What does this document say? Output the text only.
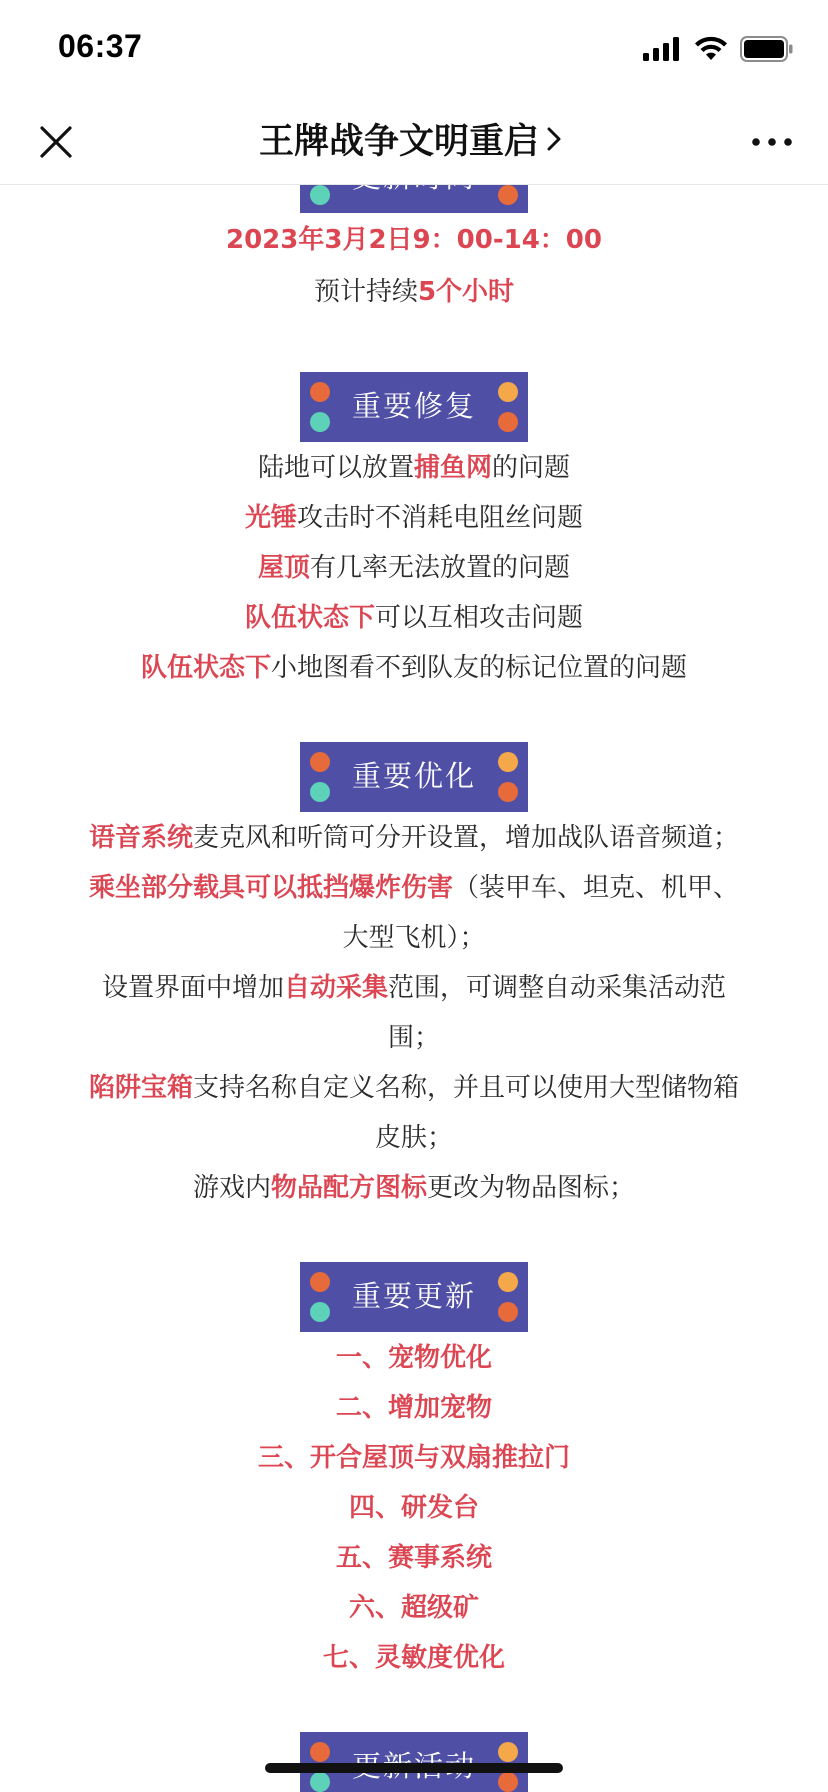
2023年3月2日9：00-14：00
预计持续5个小时
重要修复
陆地可以放置捕鱼网的问题
光锤攻击时不消耗电阻丝问题
屋顶有几率无法放置的问题
队伍状态下可以互相攻击问题
队伍状态下小地图看不到队友的标记位置的问题
重要优化
语音系统麦克风和听筒可分开设置，增加战队语音频道；
乘坐部分载具可以抵挡爆炸伤害（装甲车、坦克、机甲、
大型飞机）；
设置界面中增加自动采集范围，可调整自动采集活动范
围；
陷阱宝箱支持名称自定义名称，并且可以使用大型储物箱
皮肤；
游戏内物品配方图标更改为物品图标；
重要更新
一、宠物优化
二、增加宠物
三、开合屋顶与双扇推拉门
四、研发台
五、赛事系统
六、超级矿
七、灵敏度优化
06:37
王牌战争文明重启
